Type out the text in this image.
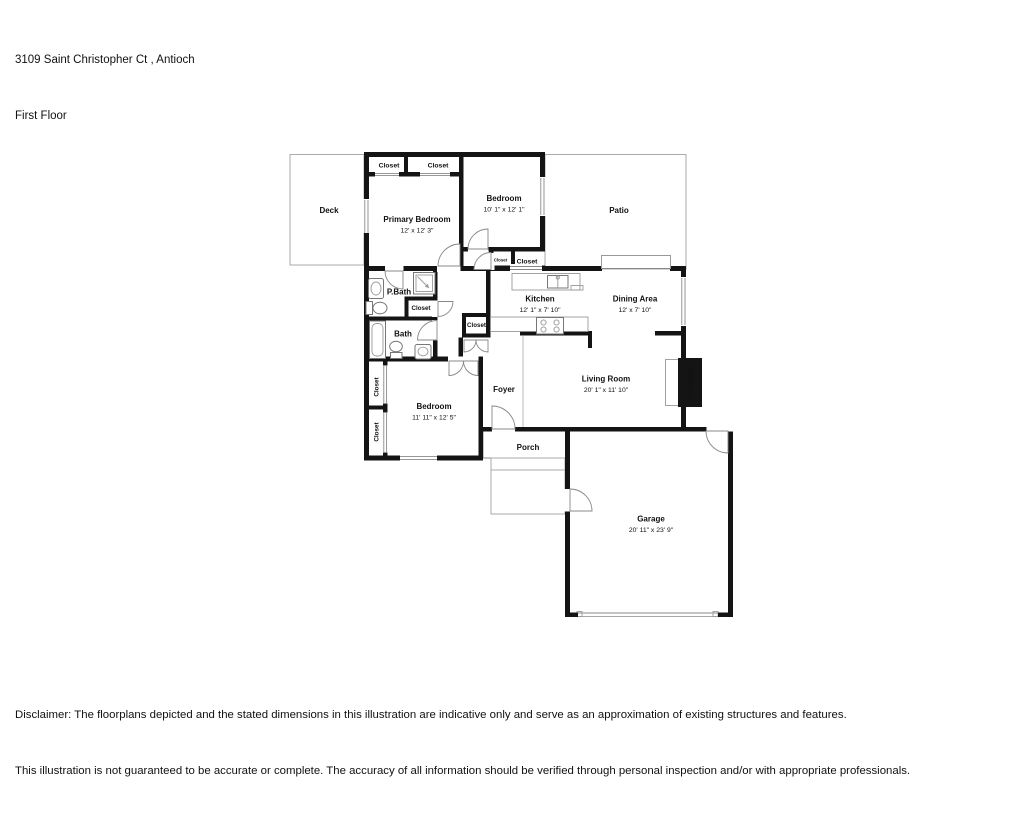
3109 Saint Christopher Ct , Antioch

First Floor

Deck	Patio
Closet	Closet
Primary Bedroom
12' x 12' 3"
Bedroom
10' 1" x 12' 1"
Closet Closet
P.Bath
Closet
Bath
Closet
Kitchen
12' 1" x 7' 10"
Dining Area
12' x 7' 10"
Living Room
20' 1" x 11' 10"
Foyer	Fireplace
Closet
Closet
Bedroom
11' 11" x 12' 5"
Porch
Garage
20' 11" x 23' 9"

Disclaimer: The floorplans depicted and the stated dimensions in this illustration are indicative only and serve as an approximation of existing structures and features.

This illustration is not guaranteed to be accurate or complete. The accuracy of all information should be verified through personal inspection and/or with appropriate professionals.
